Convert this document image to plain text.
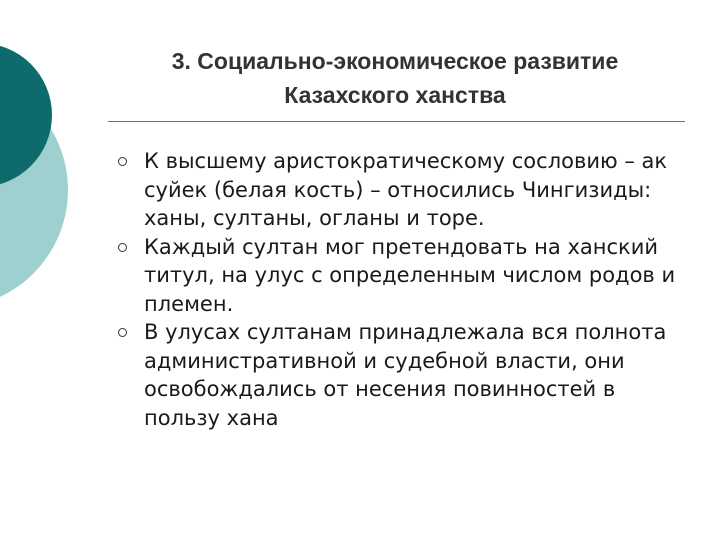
3. Социально-экономическое развитие
Казахского ханства
К высшему аристократическому сословию – ак суйек (белая кость) – относились Чингизиды: ханы, султаны, огланы и торе.
Каждый султан мог претендовать на ханский титул, на улус с определенным числом родов и племен.
В улусах султанам принадлежала вся полнота административной и судебной власти, они освобождались от несения повинностей в пользу хана
